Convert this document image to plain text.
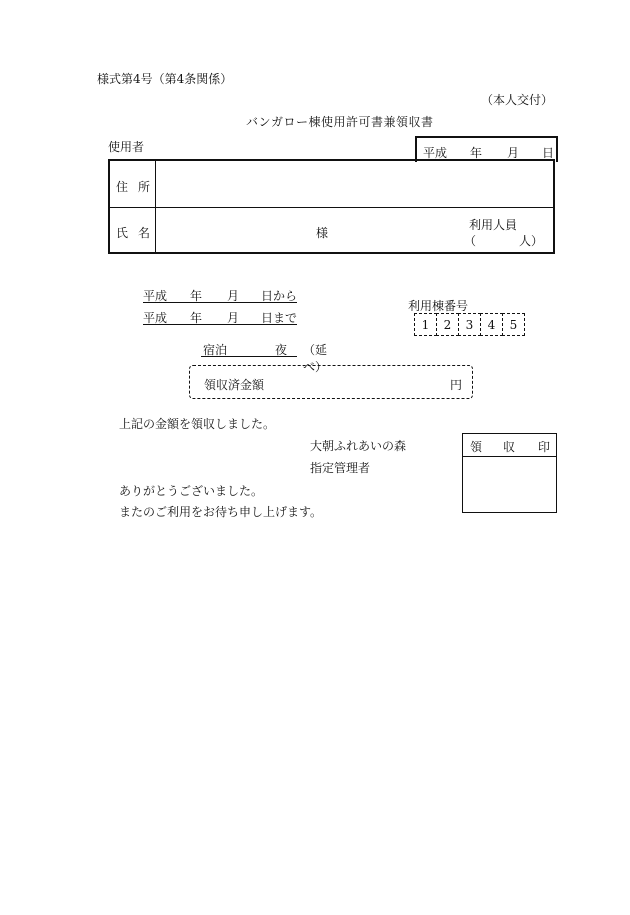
様式第4号（第4条関係）
（本人交付）
バンガロー棟使用許可書兼領収書
使用者	平成 年 月 日
住 所
氏 名	様
利用人員
（	人）
平成 年 月 日から
平成 年 月 日まで
利用棟番号
1 2 3 4 5
宿泊	夜 （延べ）
領収済金額	円
上記の金額を領収しました。
大朝ふれあいの森
指定管理者
ありがとうございました。
またのご利用をお待ち申し上げます。
領 収 印
